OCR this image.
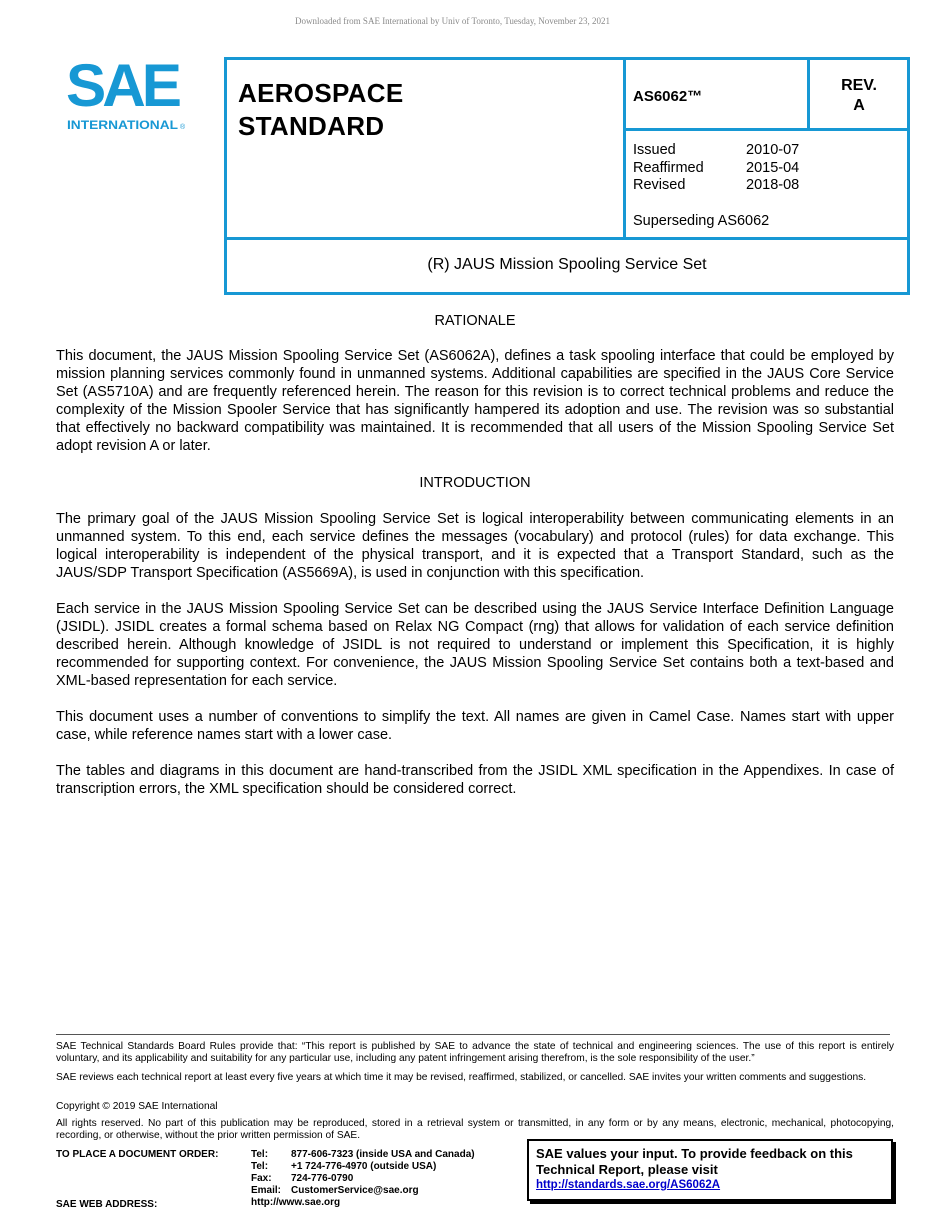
Downloaded from SAE International by Univ of Toronto, Tuesday, November 23, 2021
SAE
INTERNATIONAL ®
AEROSPACE
STANDARD
AS6062™
REV.
A
Issued	2010-07
Reaffirmed	2015-04
Revised	2018-08
Superseding AS6062
(R) JAUS Mission Spooling Service Set
RATIONALE

This document, the JAUS Mission Spooling Service Set (AS6062A), defines a task spooling interface that could be employed by mission planning services commonly found in unmanned systems. Additional capabilities are specified in the JAUS Core Service Set (AS5710A) and are frequently referenced herein. The reason for this revision is to correct technical problems and reduce the complexity of the Mission Spooler Service that has significantly hampered its adoption and use. The revision was so substantial that effectively no backward compatibility was maintained. It is recommended that all users of the Mission Spooling Service Set adopt revision A or later.

INTRODUCTION

The primary goal of the JAUS Mission Spooling Service Set is logical interoperability between communicating elements in an unmanned system. To this end, each service defines the messages (vocabulary) and protocol (rules) for data exchange. This logical interoperability is independent of the physical transport, and it is expected that a Transport Standard, such as the JAUS/SDP Transport Specification (AS5669A), is used in conjunction with this specification.

Each service in the JAUS Mission Spooling Service Set can be described using the JAUS Service Interface Definition Language (JSIDL). JSIDL creates a formal schema based on Relax NG Compact (rng) that allows for validation of each service definition described herein. Although knowledge of JSIDL is not required to understand or implement this Specification, it is highly recommended for supporting context. For convenience, the JAUS Mission Spooling Service Set contains both a text-based and XML-based representation for each service.

This document uses a number of conventions to simplify the text. All names are given in Camel Case. Names start with upper case, while reference names start with a lower case.

The tables and diagrams in this document are hand-transcribed from the JSIDL XML specification in the Appendixes. In case of transcription errors, the XML specification should be considered correct.

SAE Technical Standards Board Rules provide that: “This report is published by SAE to advance the state of technical and engineering sciences. The use of this report is entirely voluntary, and its applicability and suitability for any particular use, including any patent infringement arising therefrom, is the sole responsibility of the user.”

SAE reviews each technical report at least every five years at which time it may be revised, reaffirmed, stabilized, or cancelled. SAE invites your written comments and suggestions.

Copyright © 2019 SAE International

All rights reserved. No part of this publication may be reproduced, stored in a retrieval system or transmitted, in any form or by any means, electronic, mechanical, photocopying, recording, or otherwise, without the prior written permission of SAE.

TO PLACE A DOCUMENT ORDER:	Tel:	877-606-7323 (inside USA and Canada)
Tel:	+1 724-776-4970 (outside USA)
Fax:	724-776-0790
Email: CustomerService@sae.org
http://www.sae.org
SAE WEB ADDRESS:
SAE values your input. To provide feedback on this Technical Report, please visit
http://standards.sae.org/AS6062A
